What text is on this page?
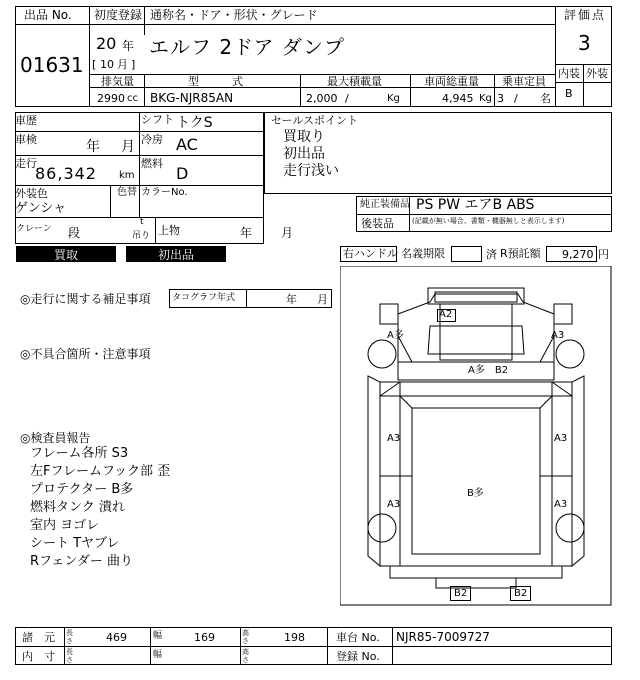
出品 No.
01631
初度登録 通称名・ドア・形状・グレード	評価点
20 年
[ 10 月 ]
エルフ 2ドア ダンプ	3
内装 外装
B
排気量	型　　　式	最大積載量	車両総重量 乗車定員
2990 cc BKG-NJR85AN	2,000 /	Kg	4,945 Kg 3 / 名
車歴	シフト トクS
車検	年 月 冷房 AC
走行
86,342 km
燃料
D
外装色	色替 カラーNo.
ゲンシャ
クレーン 段
t
吊り 上物	年 月
セールスポイント
買取り
初出品
走行浅い
純正装備品 PS PW エアB ABS
後装品	(記載が無い場合、書類・機器無しと表示します)
買取	初出品	右ハンドル 名義期限	済 R預託額 9,270 円
◎走行に関する補足事項 タコグラフ年式	年 月
◎不具合箇所・注意事項
◎検査員報告
フレーム各所 S3
左Fフレームフック部 歪
プロテクター B多
燃料タンク 潰れ
室内 ヨゴレ
シート Tヤブレ
Rフェンダー 曲り
A2
A多	A3
A多　B2
A3	A3
B多
A3	A3
B2	B2
諸　元 長さ	469	幅	169	高さ	198	車台 No. NJR85-7009727
内　寸 長さ	幅	高さ	登録 No.
